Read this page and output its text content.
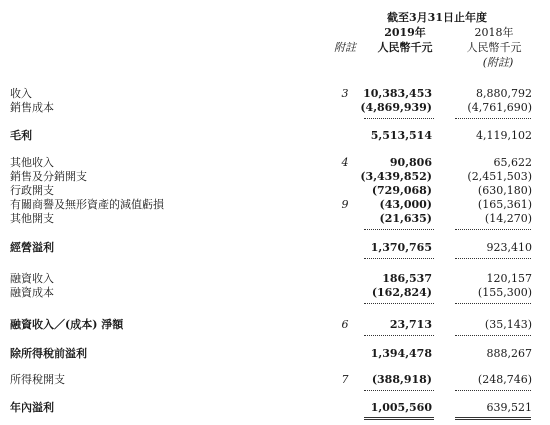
截至3月31日止年度
2019年	2018年
附註	人民幣千元	人民幣千元
(附註)
收入	3	10,383,453	8,880,792
銷售成本	(4,869,939)	(4,761,690)
毛利	5,513,514	4,119,102
其他收入	4	90,806	65,622
銷售及分銷開支	(3,439,852)	(2,451,503)
行政開支	(729,068)	(630,180)
有關商譽及無形資產的減值虧損	9	(43,000)	(165,361)
其他開支	(21,635)	(14,270)
經營溢利	1,370,765	923,410
融資收入	186,537	120,157
融資成本	(162,824)	(155,300)
融資收入／(成本) 淨額	6	23,713	(35,143)
除所得稅前溢利	1,394,478	888,267
所得稅開支	7	(388,918)	(248,746)
年內溢利	1,005,560	639,521
